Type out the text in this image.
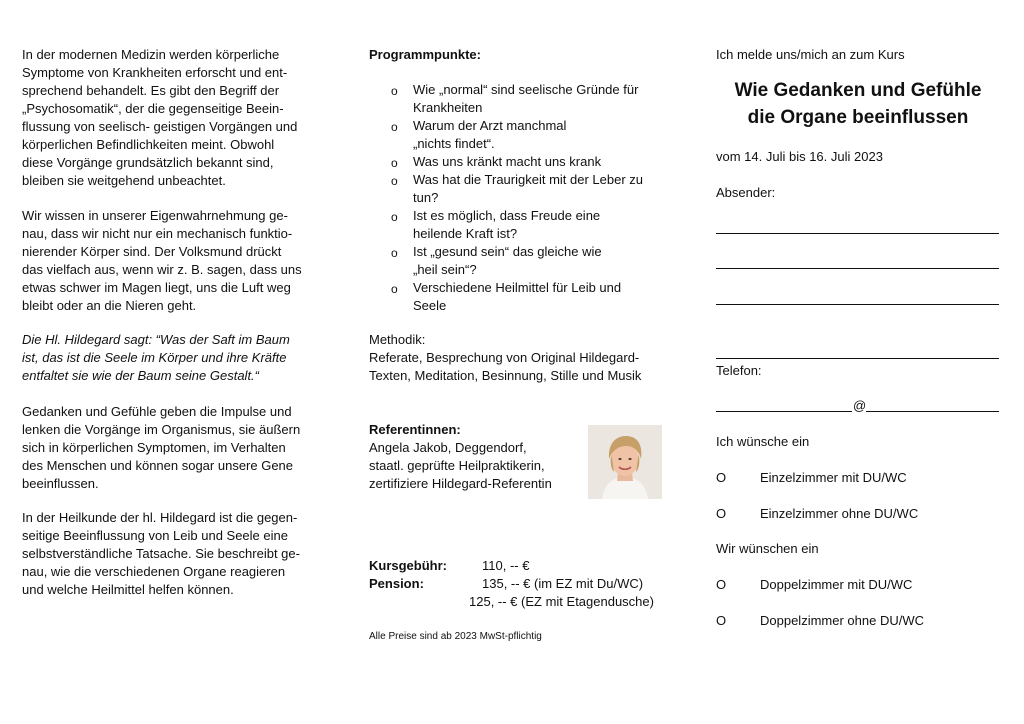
In der modernen Medizin werden körperliche

Symptome von Krankheiten erforscht und ent-

sprechend behandelt. Es gibt den Begriff der

„Psychosomatik“, der die gegenseitige Beein-

flussung von seelisch- geistigen Vorgängen und

körperlichen Befindlichkeiten meint. Obwohl

diese Vorgänge grundsätzlich bekannt sind,

bleiben sie weitgehend unbeachtet.

Wir wissen in unserer Eigenwahrnehmung ge-

nau, dass wir nicht nur ein mechanisch funktio-

nierender Körper sind. Der Volksmund drückt

das vielfach aus, wenn wir z. B. sagen, dass uns

etwas schwer im Magen liegt, uns die Luft weg

bleibt oder an die Nieren geht.

Die Hl. Hildegard sagt: “Was der Saft im Baum

ist, das ist die Seele im Körper und ihre Kräfte

entfaltet sie wie der Baum seine Gestalt.“

Gedanken und Gefühle geben die Impulse und

lenken die Vorgänge im Organismus, sie äußern

sich in körperlichen Symptomen, im Verhalten

des Menschen und können sogar unsere Gene

beeinflussen.

In der Heilkunde der hl. Hildegard ist die gegen-

seitige Beeinflussung von Leib und Seele eine

selbstverständliche Tatsache. Sie beschreibt ge-

nau, wie die verschiedenen Organe reagieren

und welche Heilmittel helfen können.

Programmpunkte:

o Wie „normal“ sind seelische Gründe für

Krankheiten

o Warum der Arzt manchmal

„nichts findet“.

o Was uns kränkt macht uns krank

o Was hat die Traurigkeit mit der Leber zu

tun?

o Ist es möglich, dass Freude eine

heilende Kraft ist?

o Ist „gesund sein“ das gleiche wie

„heil sein“?

o Verschiedene Heilmittel für Leib und

Seele

Methodik:

Referate, Besprechung von Original Hildegard-

Texten, Meditation, Besinnung, Stille und Musik

Referentinnen:

Angela Jakob, Deggendorf,

staatl. geprüfte Heilpraktikerin,

zertifiziere Hildegard-Referentin

Kursgebühr:	110, -- €

Pension:	135, -- € (im EZ mit Du/WC)

125, -- € (EZ mit Etagendusche)

Alle Preise sind ab 2023 MwSt-pflichtig

Ich melde uns/mich an zum Kurs

Wie Gedanken und Gefühle

die Organe beeinflussen

vom 14. Juli bis 16. Juli 2023

Absender:

Telefon:

@

Ich wünsche ein

O	Einzelzimmer mit DU/WC

O	Einzelzimmer ohne DU/WC

Wir wünschen ein

O	Doppelzimmer mit DU/WC

O	Doppelzimmer ohne DU/WC
